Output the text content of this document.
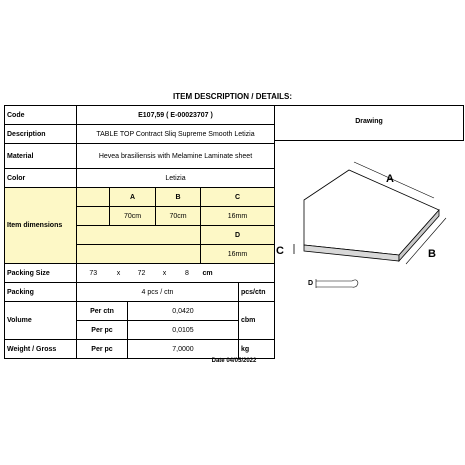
ITEM DESCRIPTION / DETAILS:
Code	E107,59 ( E-00023707 )						
Description	TABLE TOP Contract Sliq Supreme Smooth Letizia						
Material	Hevea brasiliensis with Melamine Laminate sheet						
Color	Letizia						
Item dimensions		A		B		C	
		70cm		70cm		16mm	
						D	
						16mm	
Packing Size	73	x	72	x	8	cm	
Packing	4 pcs / ctn						pcs/ctn
Volume	Per ctn		0,0420				cbm
	Per pc		0,0105				
Weight / Gross	Per pc		7,0000				kg
Drawing
A
B
C
D
Date 04/05/2022
